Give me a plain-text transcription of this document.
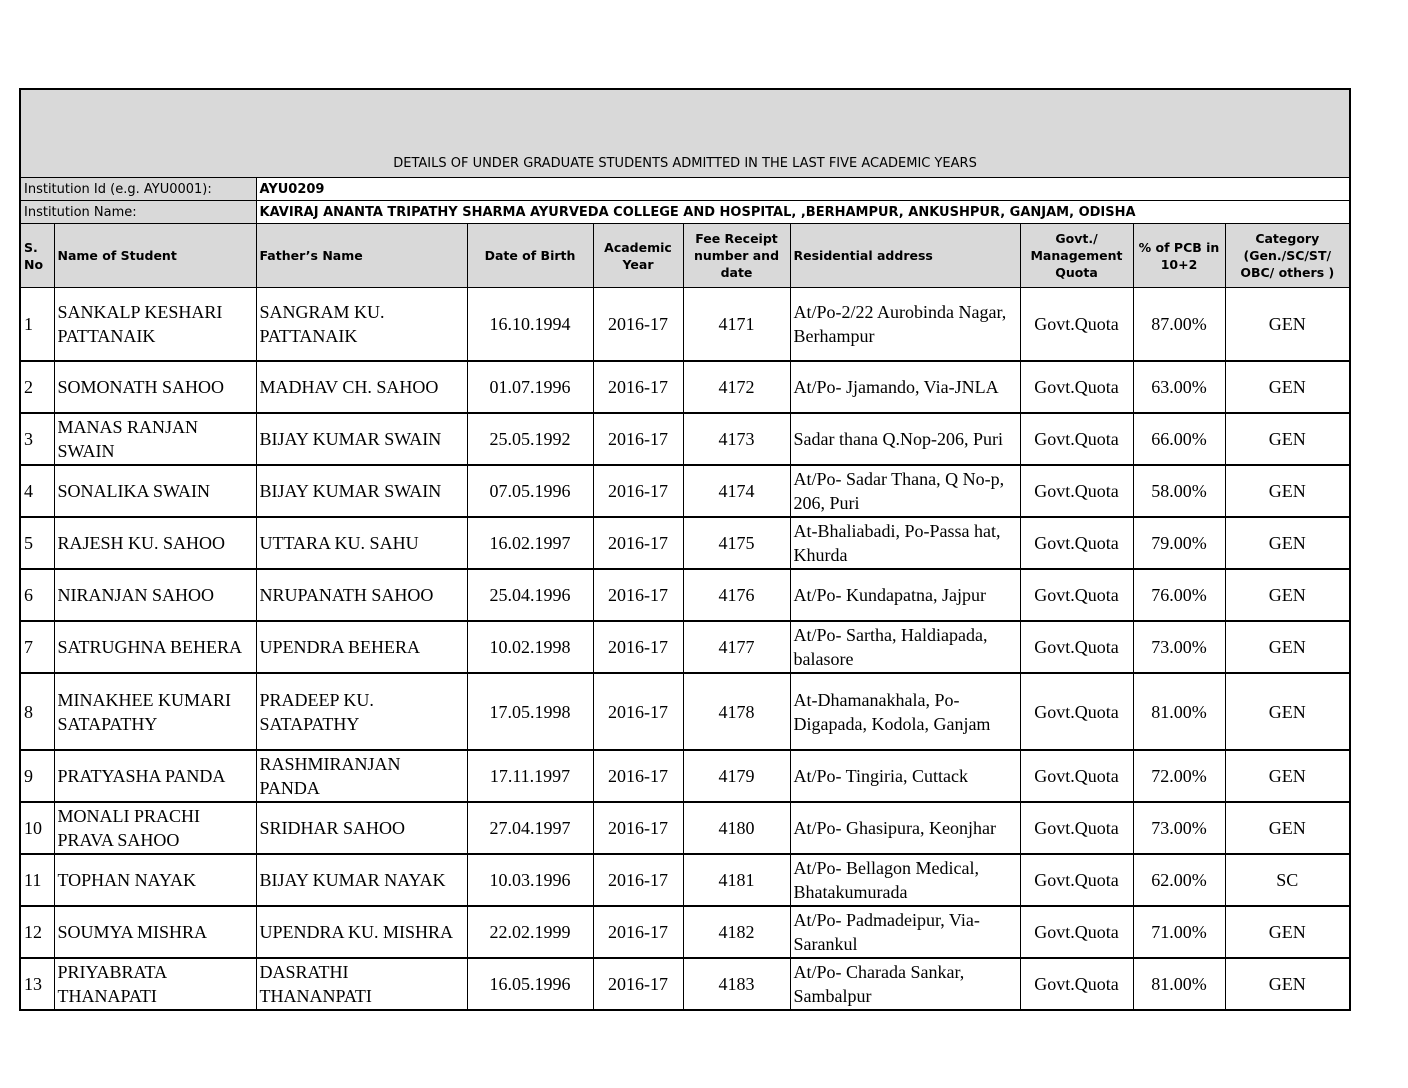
DETAILS OF UNDER GRADUATE STUDENTS ADMITTED IN THE LAST FIVE ACADEMIC YEARS									
Institution Id (e.g. AYU0001):		AYU0209							
Institution Name:		KAVIRAJ ANANTA TRIPATHY SHARMA AYURVEDA COLLEGE AND HOSPITAL, ,BERHAMPUR, ANKUSHPUR, GANJAM, ODISHA							
S. No	Name of Student	Father’s Name	Date of Birth	Academic Year	Fee Receipt number and date	Residential address	Govt./ Management Quota	% of PCB in 10+2	Category (Gen./SC/ST/ OBC/ others )
1	SANKALP KESHARI PATTANAIK	SANGRAM KU. PATTANAIK	16.10.1994	2016-17	4171	At/Po-2/22 Aurobinda Nagar, Berhampur	Govt.Quota	87.00%	GEN
2	SOMONATH SAHOO	MADHAV CH. SAHOO	01.07.1996	2016-17	4172	At/Po- Jjamando, Via-JNLA	Govt.Quota	63.00%	GEN
3	MANAS RANJAN SWAIN	BIJAY KUMAR SWAIN	25.05.1992	2016-17	4173	Sadar thana Q.Nop-206, Puri	Govt.Quota	66.00%	GEN
4	SONALIKA SWAIN	BIJAY KUMAR SWAIN	07.05.1996	2016-17	4174	At/Po- Sadar Thana, Q No-p, 206, Puri	Govt.Quota	58.00%	GEN
5	RAJESH KU. SAHOO	UTTARA KU. SAHU	16.02.1997	2016-17	4175	At-Bhaliabadi, Po-Passa hat, Khurda	Govt.Quota	79.00%	GEN
6	NIRANJAN SAHOO	NRUPANATH SAHOO	25.04.1996	2016-17	4176	At/Po- Kundapatna, Jajpur	Govt.Quota	76.00%	GEN
7	SATRUGHNA BEHERA	UPENDRA BEHERA	10.02.1998	2016-17	4177	At/Po- Sartha, Haldiapada, balasore	Govt.Quota	73.00%	GEN
8	MINAKHEE KUMARI SATAPATHY	PRADEEP KU. SATAPATHY	17.05.1998	2016-17	4178	At-Dhamanakhala, Po-Digapada, Kodola, Ganjam	Govt.Quota	81.00%	GEN
9	PRATYASHA PANDA	RASHMIRANJAN PANDA	17.11.1997	2016-17	4179	At/Po- Tingiria, Cuttack	Govt.Quota	72.00%	GEN
10	MONALI PRACHI PRAVA SAHOO	SRIDHAR SAHOO	27.04.1997	2016-17	4180	At/Po- Ghasipura, Keonjhar	Govt.Quota	73.00%	GEN
11	TOPHAN NAYAK	BIJAY KUMAR NAYAK	10.03.1996	2016-17	4181	At/Po- Bellagon Medical, Bhatakumurada	Govt.Quota	62.00%	SC
12	SOUMYA MISHRA	UPENDRA KU. MISHRA	22.02.1999	2016-17	4182	At/Po- Padmadeipur, Via-Sarankul	Govt.Quota	71.00%	GEN
13	PRIYABRATA THANAPATI	DASRATHI THANANPATI	16.05.1996	2016-17	4183	At/Po- Charada Sankar, Sambalpur	Govt.Quota	81.00%	GEN
